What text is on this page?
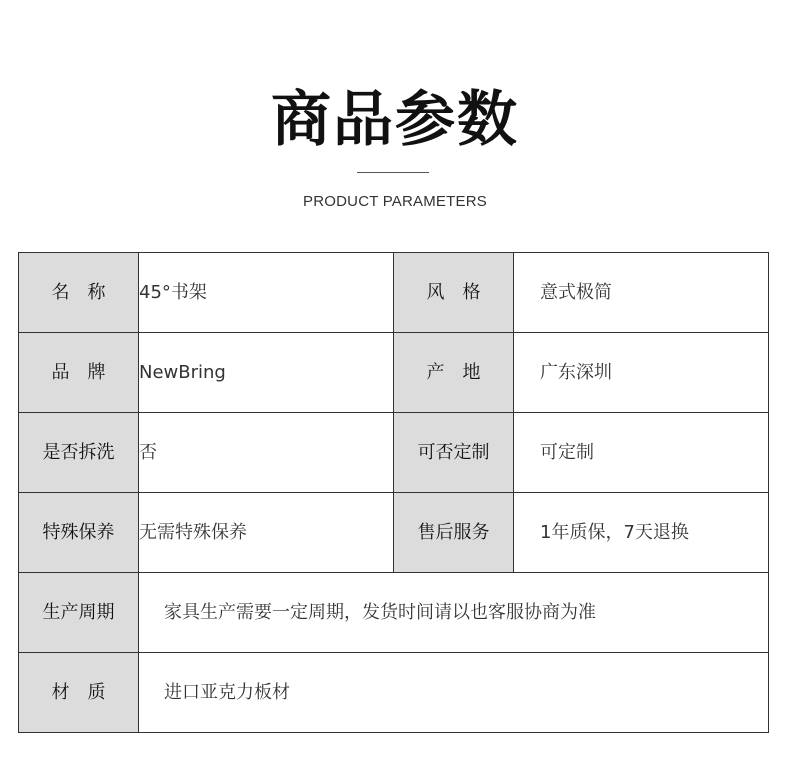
商品参数
PRODUCT PARAMETERS
名　称	45°书架	风　格	意式极简
品　牌	NewBring	产　地	广东深圳
是否拆洗	否	可否定制	可定制
特殊保养	无需特殊保养	售后服务	1年质保，7天退换
生产周期	家具生产需要一定周期，发货时间请以也客服协商为准		
材　质	进口亚克力板材		
